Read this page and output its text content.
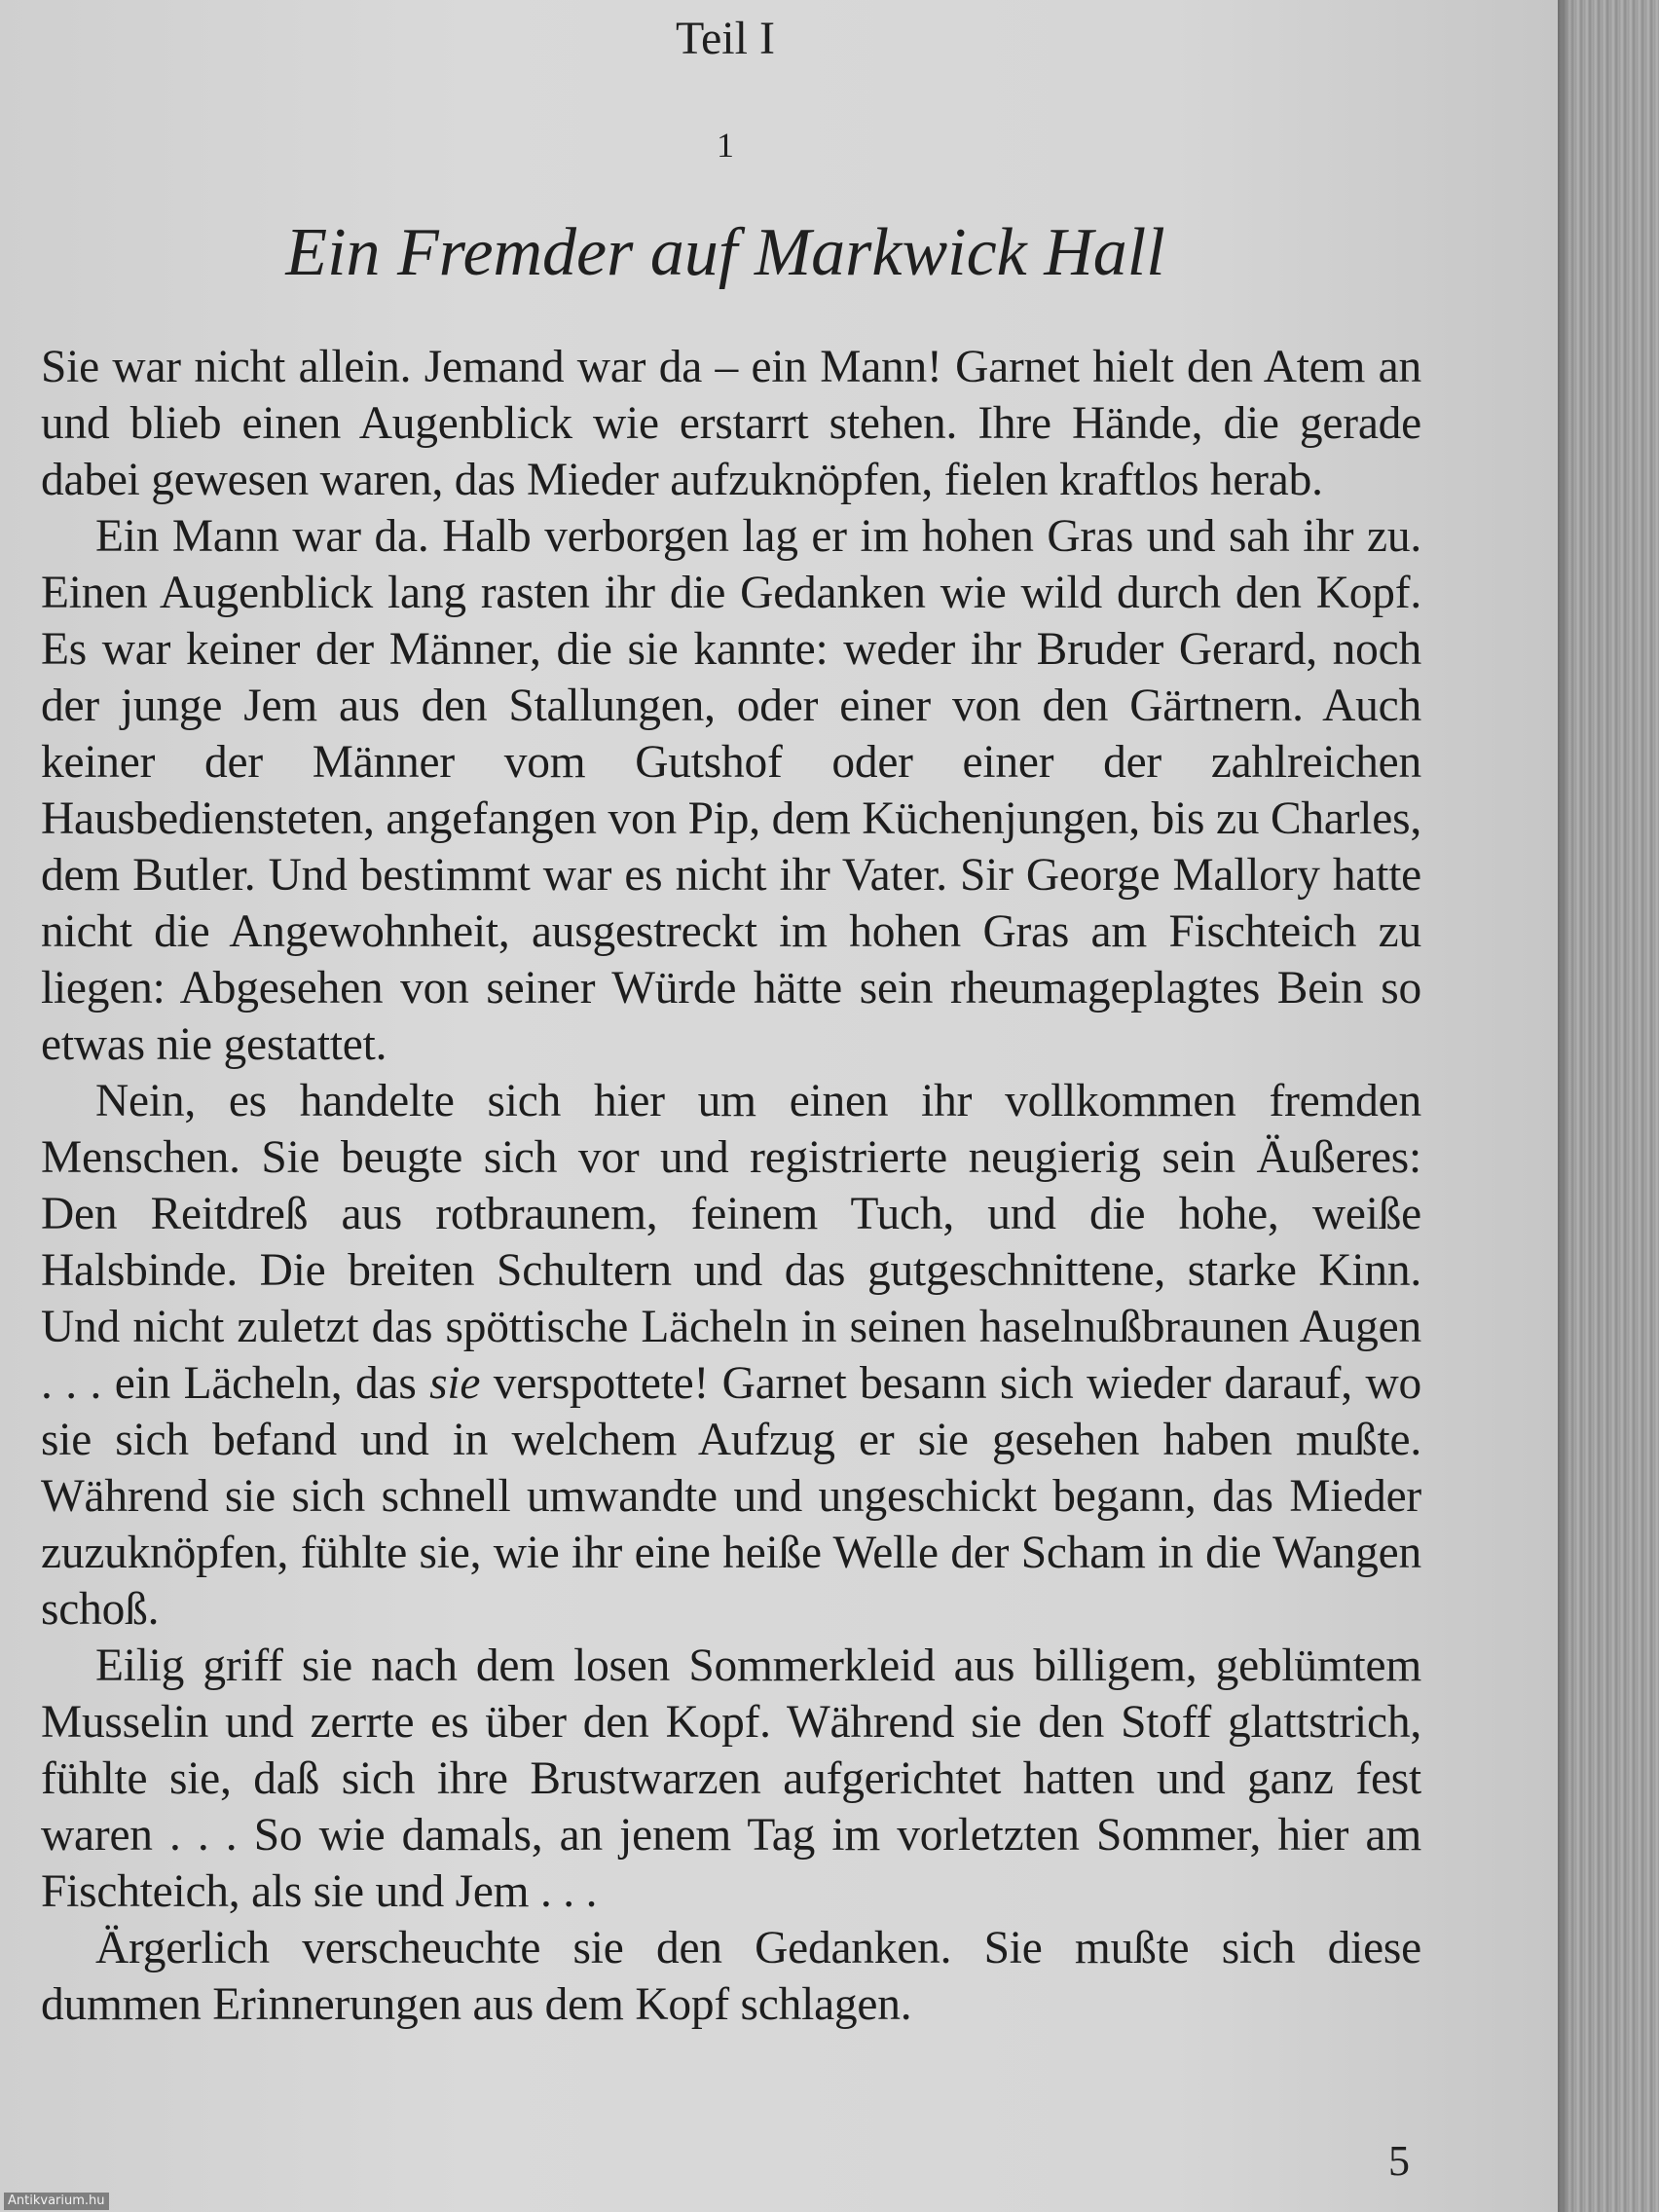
Teil I
1
Ein Fremder auf Markwick Hall

Sie war nicht allein. Jemand war da – ein Mann! Garnet hielt den Atem an und blieb einen Augenblick wie erstarrt stehen. Ihre Hände, die gerade dabei gewesen waren, das Mieder aufzuknöpfen, fielen kraftlos herab.

Ein Mann war da. Halb verborgen lag er im hohen Gras und sah ihr zu. Einen Augenblick lang rasten ihr die Gedanken wie wild durch den Kopf. Es war keiner der Männer, die sie kannte: weder ihr Bruder Gerard, noch der junge Jem aus den Stallungen, oder einer von den Gärtnern. Auch keiner der Männer vom Gutshof oder einer der zahlreichen Hausbediensteten, angefangen von Pip, dem Küchenjungen, bis zu Charles, dem Butler. Und bestimmt war es nicht ihr Vater. Sir George Mallory hatte nicht die Angewohnheit, ausgestreckt im hohen Gras am Fischteich zu liegen: Abgesehen von seiner Würde hätte sein rheumageplagtes Bein so etwas nie gestattet.

Nein, es handelte sich hier um einen ihr vollkommen fremden Menschen. Sie beugte sich vor und registrierte neugierig sein Äußeres: Den Reitdreß aus rotbraunem, feinem Tuch, und die hohe, weiße Halsbinde. Die breiten Schultern und das gutgeschnittene, starke Kinn. Und nicht zuletzt das spöttische Lächeln in seinen haselnußbraunen Augen . . . ein Lächeln, das sie verspottete! Garnet besann sich wieder darauf, wo sie sich befand und in welchem Aufzug er sie gesehen haben mußte. Während sie sich schnell umwandte und ungeschickt begann, das Mieder zuzuknöpfen, fühlte sie, wie ihr eine heiße Welle der Scham in die Wangen schoß.

Eilig griff sie nach dem losen Sommerkleid aus billigem, geblümtem Musselin und zerrte es über den Kopf. Während sie den Stoff glattstrich, fühlte sie, daß sich ihre Brustwarzen aufgerichtet hatten und ganz fest waren . . . So wie damals, an jenem Tag im vorletzten Sommer, hier am Fischteich, als sie und Jem . . .

Ärgerlich verscheuchte sie den Gedanken. Sie mußte sich diese dummen Erinnerungen aus dem Kopf schlagen.

5
Antikvarium.hu
